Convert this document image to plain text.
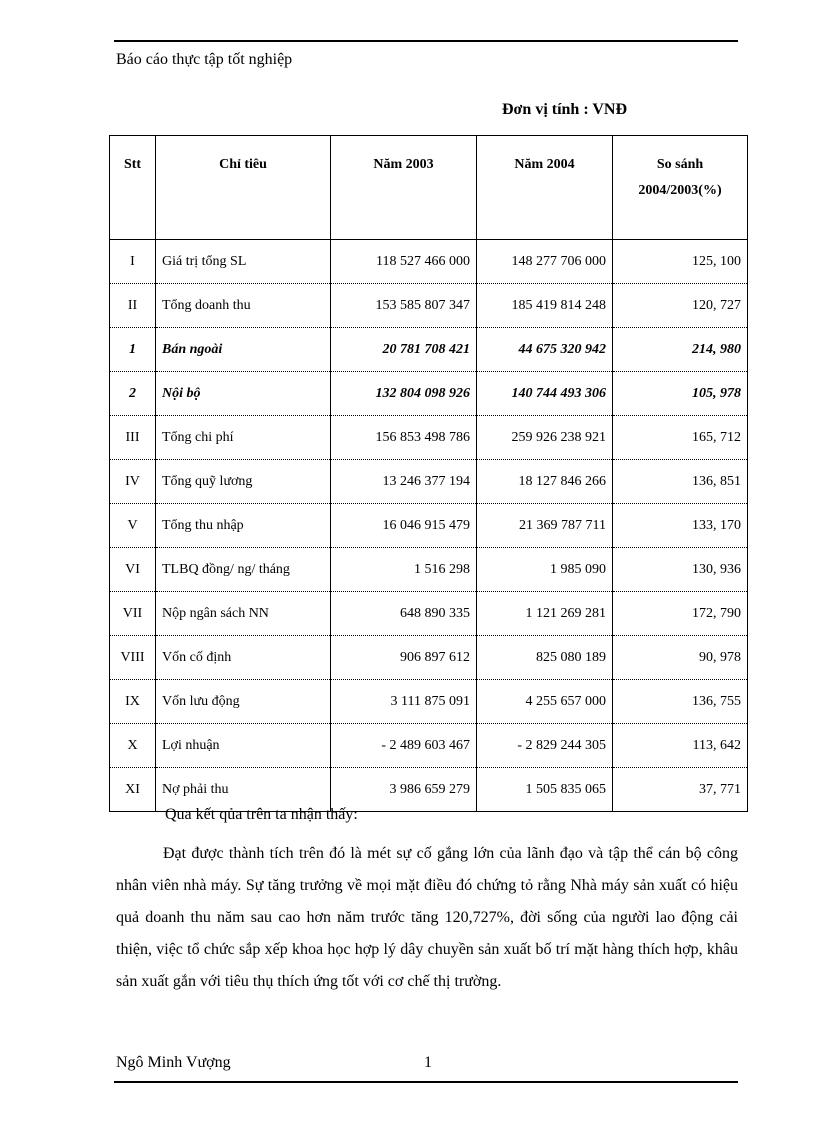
Báo cáo thực tập tốt nghiệp
Đơn vị tính : VNĐ
Stt	Chỉ tiêu	Năm 2003	Năm 2004	So sánh
2004/2003(%)
I	Giá trị tổng SL	118 527 466 000	148 277 706 000	125, 100
II	Tổng doanh thu	153 585 807 347	185 419 814 248	120, 727
1	Bán ngoài	20 781 708 421	44 675 320 942	214, 980
2	Nội bộ	132 804 098 926	140 744 493 306	105, 978
III	Tổng chi phí	156 853 498 786	259 926 238 921	165, 712
IV	Tổng quỹ lương	13 246 377 194	18 127 846 266	136, 851
V	Tổng thu nhập	16 046 915 479	21 369 787 711	133, 170
VI	TLBQ đồng/ ng/ tháng	1 516 298	1 985 090	130, 936
VII	Nộp ngân sách NN	648 890 335	1 121 269 281	172, 790
VIII	Vốn cố định	906 897 612	825 080 189	90, 978
IX	Vốn lưu động	3 111 875 091	4 255 657 000	136, 755
X	Lợi nhuận	- 2 489 603 467	- 2 829 244 305	113, 642
XI	Nợ phải thu	3 986 659 279	1 505 835 065	37, 771
Qua kết qủa trên ta nhận thấy:

Đạt được thành tích trên đó là mét sự cố gắng lớn của lãnh đạo và tập thể cán bộ công nhân viên nhà máy. Sự tăng trưởng về mọi mặt điều đó chứng tỏ rằng Nhà máy sản xuất có hiệu quả doanh thu năm sau cao hơn năm trước tăng 120,727%, đời sống của người lao động cải thiện, việc tổ chức sắp xếp khoa học hợp lý dây chuyền sản xuất bố trí mặt hàng thích hợp, khâu sản xuất gắn với tiêu thụ thích ứng tốt với cơ chế thị trường.

Ngô Minh Vượng	1
